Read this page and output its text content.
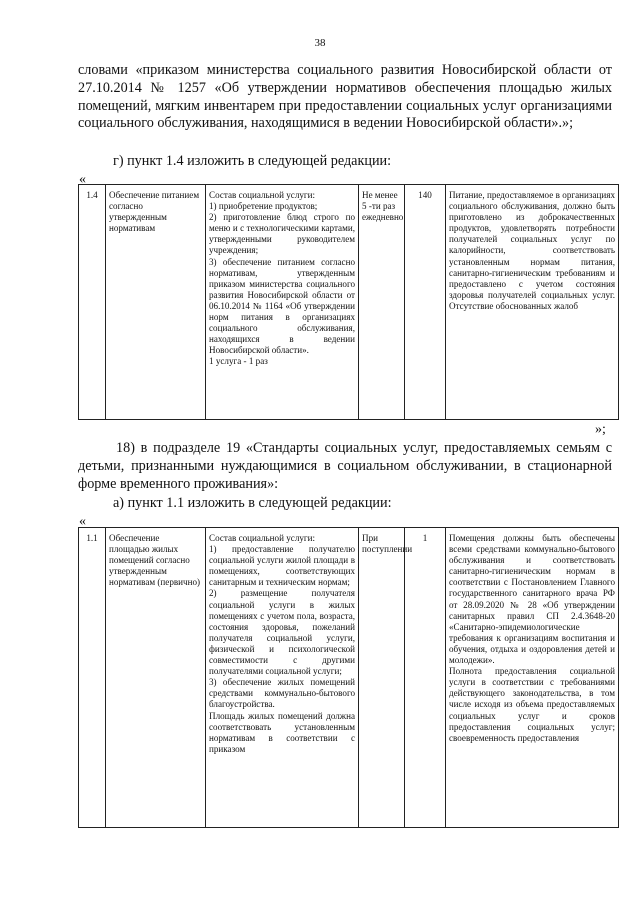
38
словами «приказом министерства социального развития Новосибирской области от 27.10.2014 № 1257 «Об утверждении нормативов обеспечения площадью жилых помещений, мягким инвентарем при предоставлении социальных услуг организациями социального обслуживания, находящимися в ведении Новосибирской области».»;
г) пункт 1.4 изложить в следующей редакции:
«
1.4	Обеспечение питанием согласно утвержденным нормативам	Состав социальной услуги:
1) приобретение продуктов;
2) приготовление блюд строго по меню и с технологическими картами, утвержденными руководителем учреждения;
3) обеспечение питанием согласно нормативам, утвержденным приказом министерства социального развития Новосибирской области от 06.10.2014 № 1164 «Об утверждении норм питания в организациях социального обслуживания, находящихся в ведении Новосибирской области».
1 услуга - 1 раз	Не менее 5 -ти раз ежедневно	140	Питание, предоставляемое в организациях социального обслуживания, должно быть приготовлено из доброкачественных продуктов, удовлетворять потребности получателей социальных услуг по калорийности, соответствовать установленным нормам питания, санитарно-гигиеническим требованиям и предоставлено с учетом состояния здоровья получателей социальных услуг. Отсутствие обоснованных жалоб
»;
18) в подразделе 19 «Стандарты социальных услуг, предоставляемых семьям с детьми, признанными нуждающимися в социальном обслуживании, в стационарной форме временного проживания»:
а) пункт 1.1 изложить в следующей редакции:
«
1.1	Обеспечение площадью жилых помещений согласно утвержденным нормативам (первично)	Состав социальной услуги:
1) предоставление получателю социальной услуги жилой площади в помещениях, соответствующих санитарным и техническим нормам;
2) размещение получателя социальной услуги в жилых помещениях с учетом пола, возраста, состояния здоровья, пожеланий получателя социальной услуги, физической и психологической совместимости с другими получателями социальной услуги;
3) обеспечение жилых помещений средствами коммунально-бытового благоустройства.
Площадь жилых помещений должна соответствовать установленным нормативам в соответствии с приказом	При поступлении	1	Помещения должны быть обеспечены всеми средствами коммунально-бытового обслуживания и соответствовать санитарно-гигиеническим нормам в соответствии с Постановлением Главного государственного санитарного врача РФ от 28.09.2020 № 28 «Об утверждении санитарных правил СП 2.4.3648-20 «Санитарно-эпидемиологические требования к организациям воспитания и обучения, отдыха и оздоровления детей и молодежи».
Полнота предоставления социальной услуги в соответствии с требованиями действующего законодательства, в том числе исходя из объема предоставляемых социальных услуг и сроков предоставления социальных услуг; своевременность предоставления
